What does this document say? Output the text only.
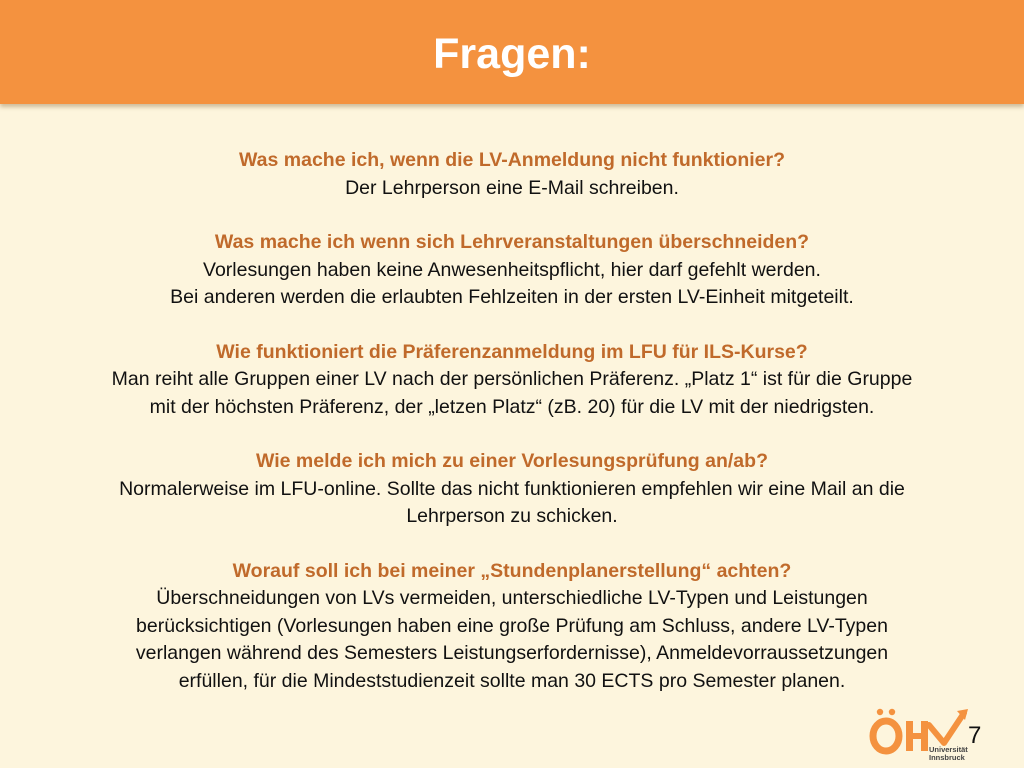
Fragen:
Was mache ich, wenn die LV-Anmeldung nicht funktionier?
Der Lehrperson eine E-Mail schreiben.
Was mache ich wenn sich Lehrveranstaltungen überschneiden?
Vorlesungen haben keine Anwesenheitspflicht, hier darf gefehlt werden.
Bei anderen werden die erlaubten Fehlzeiten in der ersten LV-Einheit mitgeteilt.
Wie funktioniert die Präferenzanmeldung im LFU für ILS-Kurse?
Man reiht alle Gruppen einer LV nach der persönlichen Präferenz. „Platz 1“ ist für die Gruppe
mit der höchsten Präferenz, der „letzen Platz“ (zB. 20) für die LV mit der niedrigsten.
Wie melde ich mich zu einer Vorlesungsprüfung an/ab?
Normalerweise im LFU-online. Sollte das nicht funktionieren empfehlen wir eine Mail an die
Lehrperson zu schicken.
Worauf soll ich bei meiner „Stundenplanerstellung“ achten?
Überschneidungen von LVs vermeiden, unterschiedliche LV-Typen und Leistungen
berücksichtigen (Vorlesungen haben eine große Prüfung am Schluss, andere LV-Typen
verlangen während des Semesters Leistungserfordernisse), Anmeldevorraussetzungen
erfüllen, für die Mindeststudienzeit sollte man 30 ECTS pro Semester planen.
Universität
Innsbruck
7
